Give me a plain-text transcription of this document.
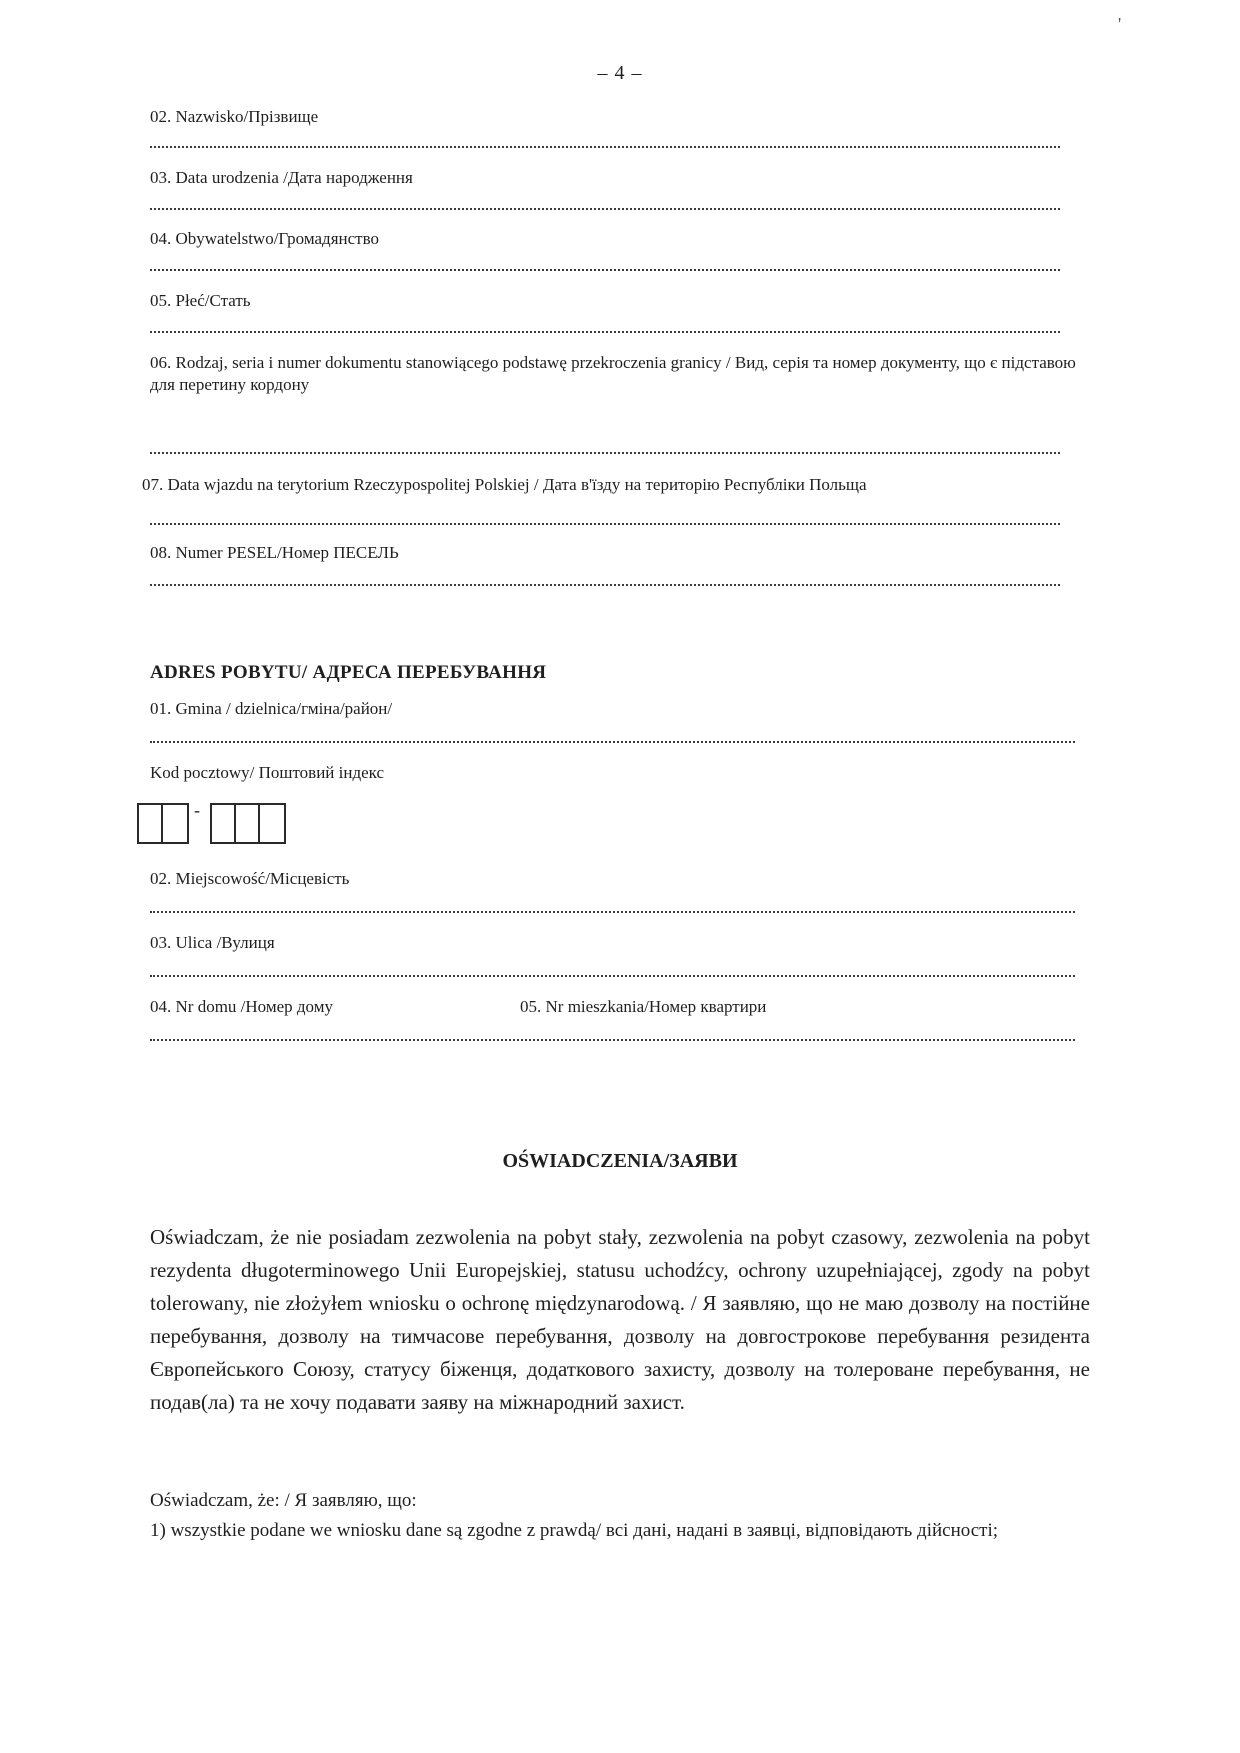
'
– 4 –
02. Nazwisko/Прізвище
03. Data urodzenia /Дата народження
04. Obywatelstwo/Громадянство
05. Płeć/Стать
06. Rodzaj, seria i numer dokumentu stanowiącego podstawę przekroczenia granicy / Вид, серія та номер документу, що є підставою для перетину кордону
07. Data wjazdu na terytorium Rzeczypospolitej Polskiej / Дата в'їзду на територію Республіки Польща
08. Numer PESEL/Номер ПЕСЕЛЬ
ADRES POBYTU/ АДРЕСА ПЕРЕБУВАННЯ
01. Gmina / dzielnica/гміна/район/
Kod pocztowy/ Поштовий індекс
-
02. Miejscowość/Місцевість
03. Ulica /Вулиця
04. Nr domu /Номер дому	05. Nr mieszkania/Номер квартири
OŚWIADCZENIA/ЗАЯВИ
Oświadczam, że nie posiadam zezwolenia na pobyt stały, zezwolenia na pobyt czasowy, zezwolenia na pobyt rezydenta długoterminowego Unii Europejskiej, statusu uchodźcy, ochrony uzupełniającej, zgody na pobyt tolerowany, nie złożyłem wniosku o ochronę międzynarodową. / Я заявляю, що не маю дозволу на постійне перебування, дозволу на тимчасове перебування, дозволу на довгострокове перебування резидента Європейського Союзу, статусу біженця, додаткового захисту, дозволу на толероване перебування, не подав(ла) та не хочу подавати заяву на міжнародний захист.
Oświadczam, że: / Я заявляю, що:
1) wszystkie podane we wniosku dane są zgodne z prawdą/ всі дані, надані в заявці, відповідають дійсності;
